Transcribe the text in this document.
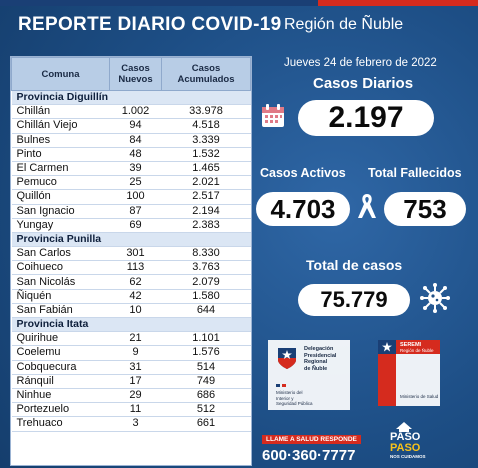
REPORTE DIARIO COVID-19 Región de Ñuble
Comuna	Casos Nuevos	Casos Acumulados
Provincia Diguillín		
Chillán	1.002	33.978
Chillán Viejo	94	4.518
Bulnes	84	3.339
Pinto	48	1.532
El Carmen	39	1.465
Pemuco	25	2.021
Quillón	100	2.517
San Ignacio	87	2.194
Yungay	69	2.383
Provincia Punilla		
San Carlos	301	8.330
Coihueco	113	3.763
San Nicolás	62	2.079
Ñiquén	42	1.580
San Fabián	10	644
Provincia Itata		
Quirihue	21	1.101
Coelemu	9	1.576
Cobquecura	31	514
Ránquil	17	749
Ninhue	29	686
Portezuelo	11	512
Trehuaco	3	661
Jueves 24 de febrero de 2022
Casos Diarios
2.197
Casos Activos Total Fallecidos
4.703	753
Total de casos
75.779
Delegación
Presidencial
Regional
de Ñuble
Ministerio del
Interior y
Seguridad Pública
SEREMI
Región de Ñuble
Ministerio de Salud
LLAME A SALUD RESPONDE
600·360·7777
PASO
PASO
NOS CUIDAMOS
